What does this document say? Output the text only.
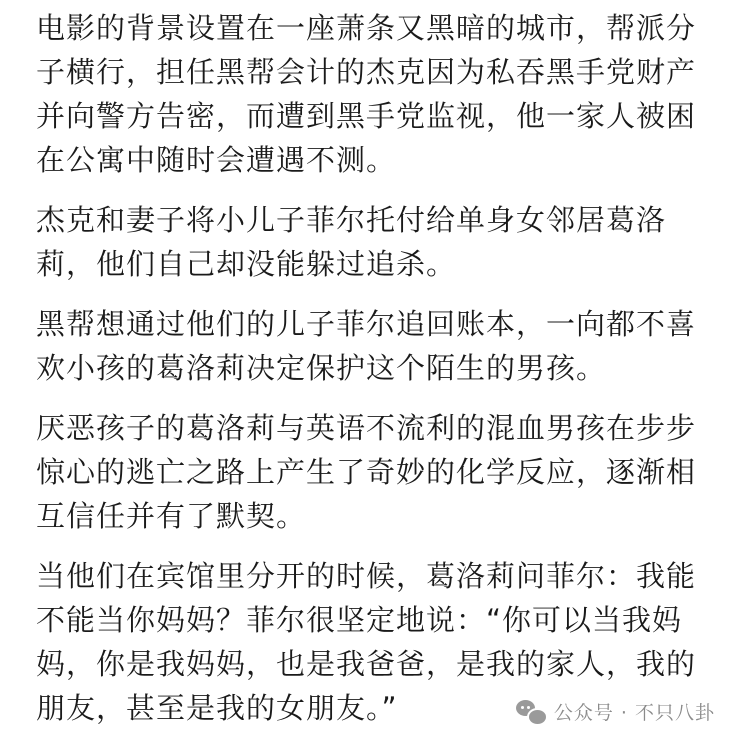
电影的背景设置在一座萧条又黑暗的城市，帮派分
子横行，担任黑帮会计的杰克因为私吞黑手党财产
并向警方告密，而遭到黑手党监视，他一家人被困
在公寓中随时会遭遇不测。

杰克和妻子将小儿子菲尔托付给单身女邻居葛洛
莉，他们自己却没能躲过追杀。

黑帮想通过他们的儿子菲尔追回账本，一向都不喜
欢小孩的葛洛莉决定保护这个陌生的男孩。

厌恶孩子的葛洛莉与英语不流利的混血男孩在步步
惊心的逃亡之路上产生了奇妙的化学反应，逐渐相
互信任并有了默契。

当他们在宾馆里分开的时候，葛洛莉问菲尔：我能
不能当你妈妈？菲尔很坚定地说：“你可以当我妈
妈，你是我妈妈，也是我爸爸，是我的家人，我的
朋友，甚至是我的女朋友。”	公众号 · 不只八卦
